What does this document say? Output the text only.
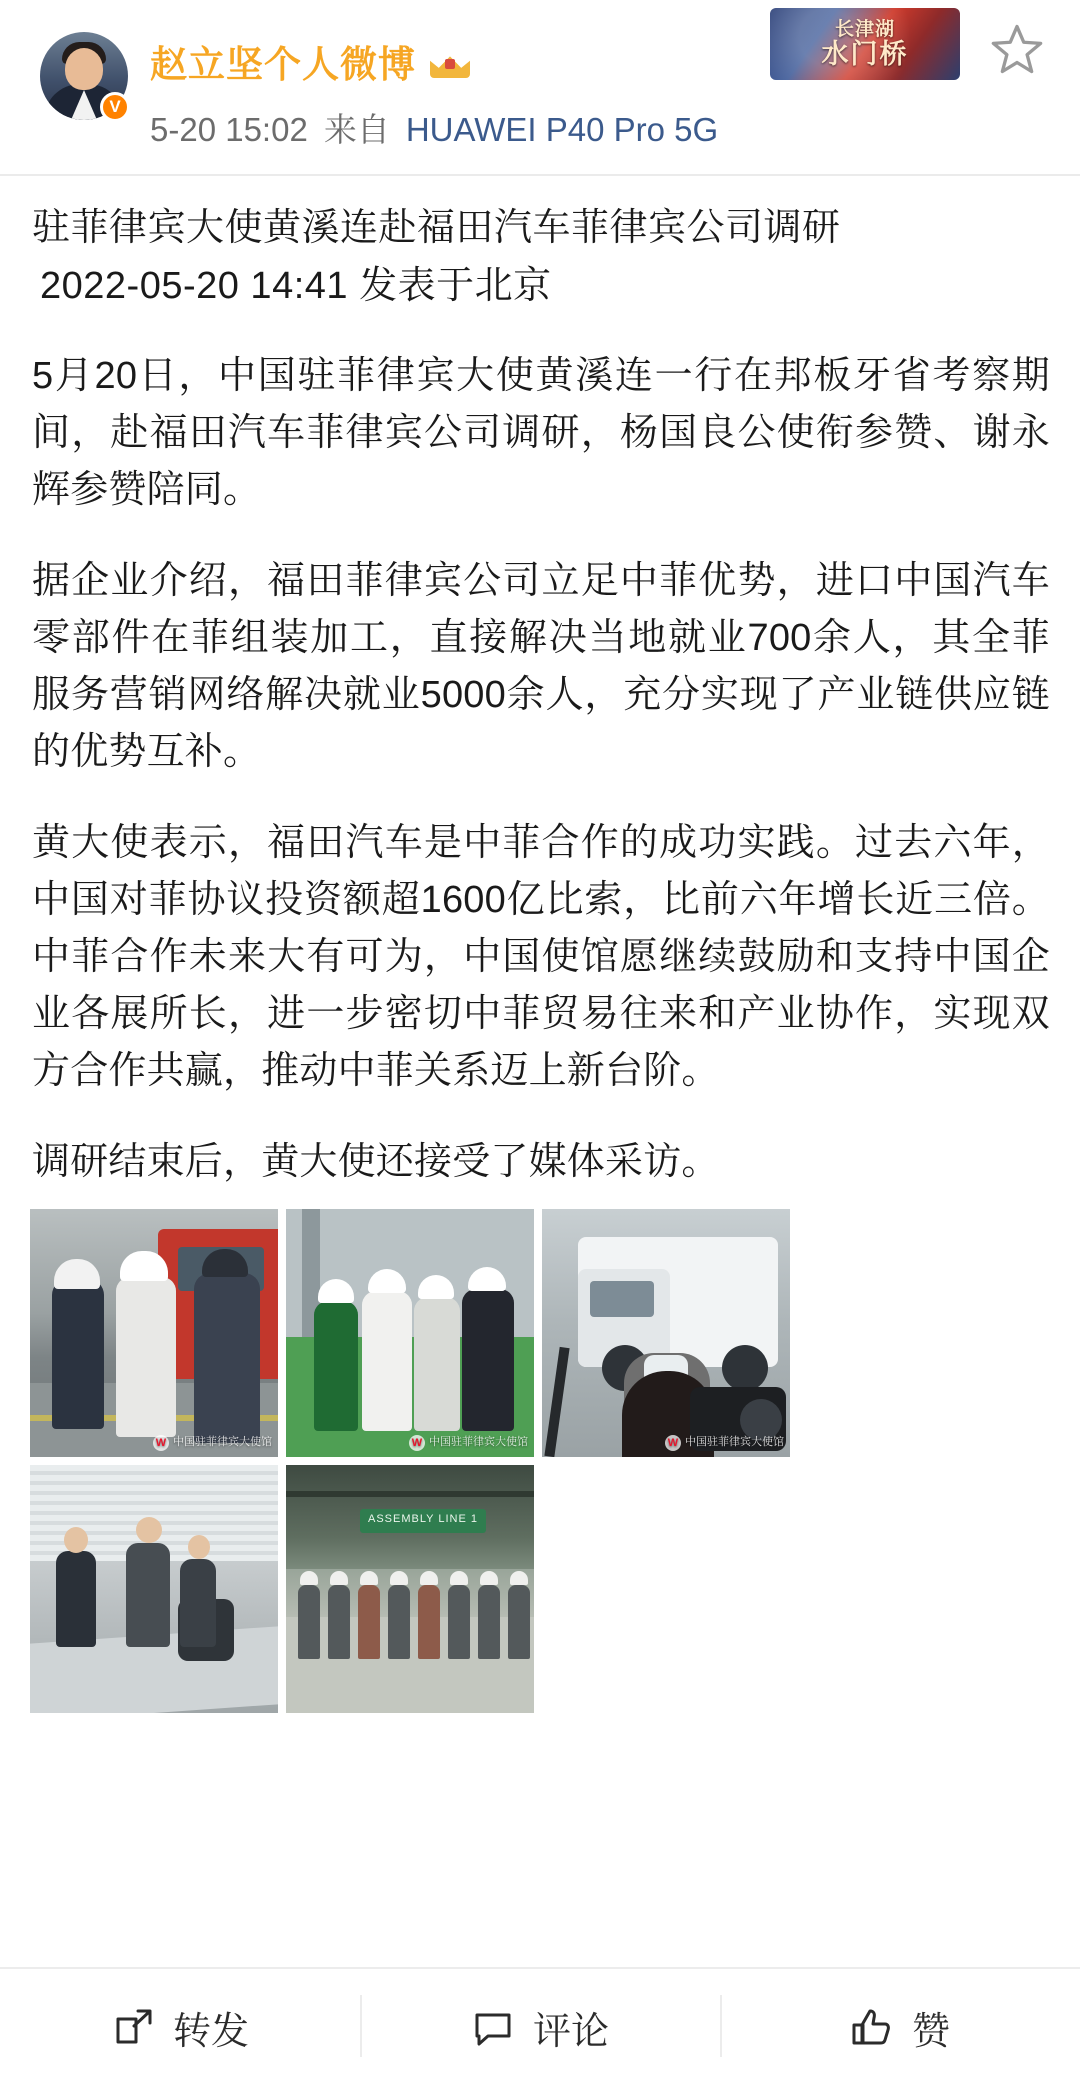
V
赵立坚个人微博
5-20 15:02 来自 HUAWEI P40 Pro 5G
长津湖
水门桥
驻菲律宾大使黄溪连赴福田汽车菲律宾公司调研
2022-05-20 14:41 发表于北京

5月20日，中国驻菲律宾大使黄溪连一行在邦板牙省考察期间，赴福田汽车菲律宾公司调研，杨国良公使衔参赞、谢永辉参赞陪同。

据企业介绍，福田菲律宾公司立足中菲优势，进口中国汽车零部件在菲组装加工，直接解决当地就业700余人，其全菲服务营销网络解决就业5000余人，充分实现了产业链供应链的优势互补。

黄大使表示，福田汽车是中菲合作的成功实践。过去六年，中国对菲协议投资额超1600亿比索，比前六年增长近三倍。中菲合作未来大有可为，中国使馆愿继续鼓励和支持中国企业各展所长，进一步密切中菲贸易往来和产业协作，实现双方合作共赢，推动中菲关系迈上新台阶。

调研结束后，黄大使还接受了媒体采访。

W 中国驻菲律宾大使馆	W 中国驻菲律宾大使馆	W 中国驻菲律宾大使馆
ASSEMBLY LINE 1
转发	评论	赞
